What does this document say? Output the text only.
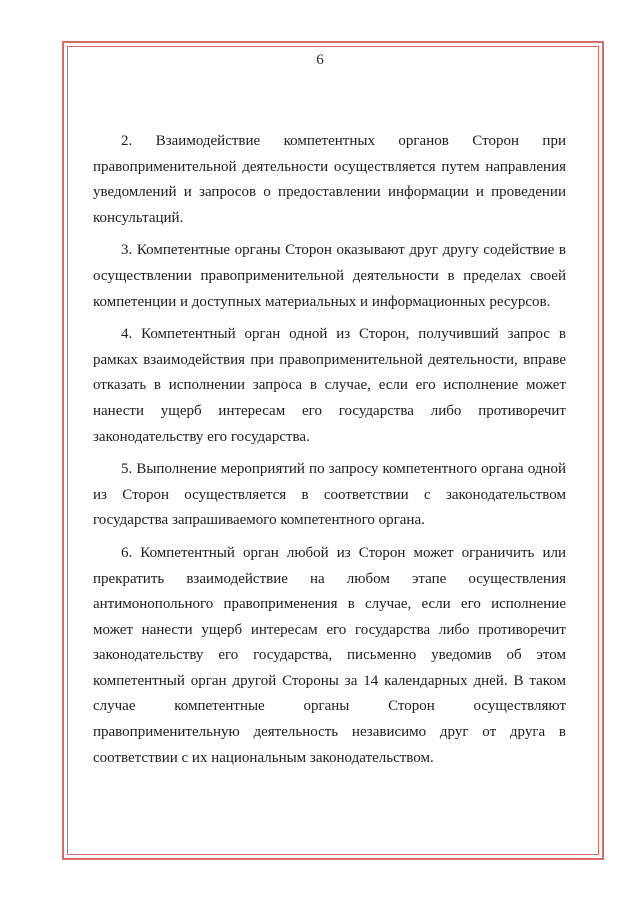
6

2. Взаимодействие компетентных органов Сторон при правоприменительной деятельности осуществляется путем направления уведомлений и запросов о предоставлении информации и проведении консультаций.

3. Компетентные органы Сторон оказывают друг другу содействие в осуществлении правоприменительной деятельности в пределах своей компетенции и доступных материальных и информационных ресурсов.

4. Компетентный орган одной из Сторон, получивший запрос в рамках взаимодействия при правоприменительной деятельности, вправе отказать в исполнении запроса в случае, если его исполнение может нанести ущерб интересам его государства либо противоречит законодательству его государства.

5. Выполнение мероприятий по запросу компетентного органа одной из Сторон осуществляется в соответствии с законодательством государства запрашиваемого компетентного органа.

6. Компетентный орган любой из Сторон может ограничить или прекратить взаимодействие на любом этапе осуществления антимонопольного правоприменения в случае, если его исполнение может нанести ущерб интересам его государства либо противоречит законодательству его государства, письменно уведомив об этом компетентный орган другой Стороны за 14 календарных дней. В таком случае компетентные органы Сторон осуществляют правоприменительную деятельность независимо друг от друга в соответствии с их национальным законодательством.
